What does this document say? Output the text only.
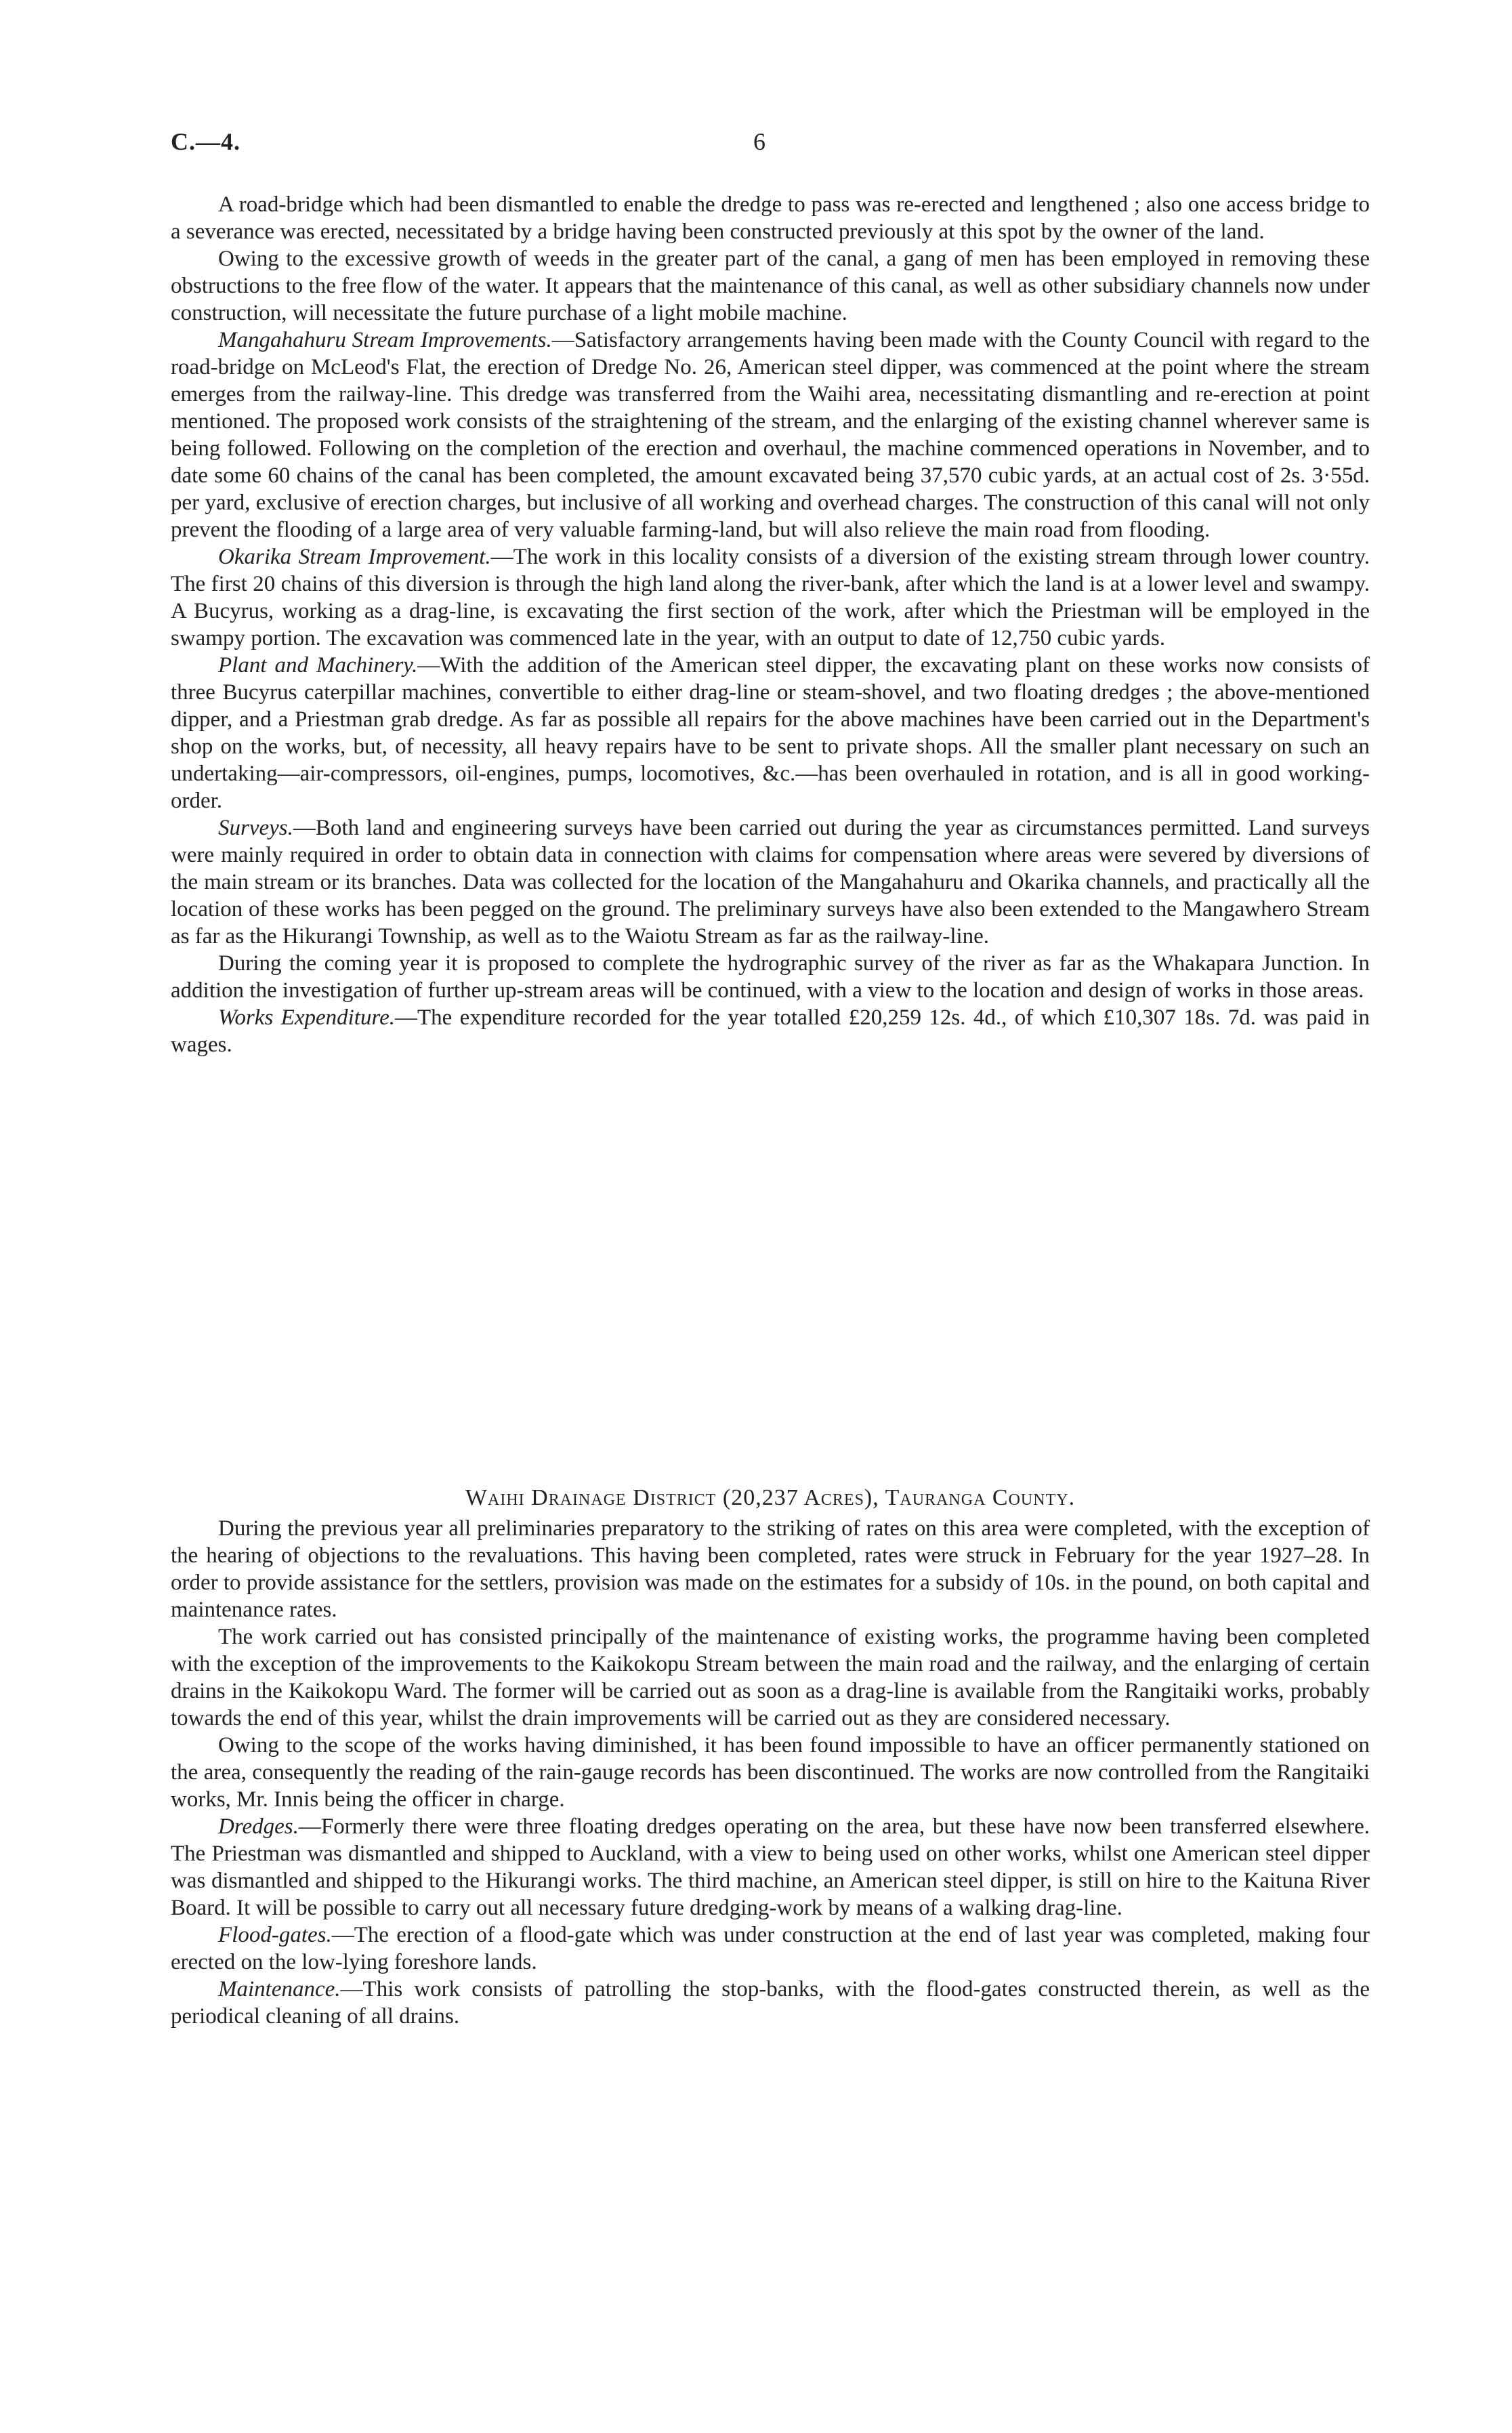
C.—4.	6

A road-bridge which had been dismantled to enable the dredge to pass was re-erected and lengthened ; also one access bridge to a severance was erected, necessitated by a bridge having been constructed previously at this spot by the owner of the land.

Owing to the excessive growth of weeds in the greater part of the canal, a gang of men has been employed in removing these obstructions to the free flow of the water. It appears that the maintenance of this canal, as well as other subsidiary channels now under construction, will necessitate the future purchase of a light mobile machine.

Mangahahuru Stream Improvements.—Satisfactory arrangements having been made with the County Council with regard to the road-bridge on McLeod's Flat, the erection of Dredge No. 26, American steel dipper, was commenced at the point where the stream emerges from the railway-line. This dredge was transferred from the Waihi area, necessitating dismantling and re-erection at point mentioned. The proposed work consists of the straightening of the stream, and the enlarging of the existing channel wherever same is being followed. Following on the completion of the erection and overhaul, the machine commenced operations in November, and to date some 60 chains of the canal has been completed, the amount excavated being 37,570 cubic yards, at an actual cost of 2s. 3·55d. per yard, exclusive of erection charges, but inclusive of all working and overhead charges. The construction of this canal will not only prevent the flooding of a large area of very valuable farming-land, but will also relieve the main road from flooding.

Okarika Stream Improvement.—The work in this locality consists of a diversion of the existing stream through lower country. The first 20 chains of this diversion is through the high land along the river-bank, after which the land is at a lower level and swampy. A Bucyrus, working as a drag-line, is excavating the first section of the work, after which the Priestman will be employed in the swampy portion. The excavation was commenced late in the year, with an output to date of 12,750 cubic yards.

Plant and Machinery.—With the addition of the American steel dipper, the excavating plant on these works now consists of three Bucyrus caterpillar machines, convertible to either drag-line or steam-shovel, and two floating dredges ; the above-mentioned dipper, and a Priestman grab dredge. As far as possible all repairs for the above machines have been carried out in the Department's shop on the works, but, of necessity, all heavy repairs have to be sent to private shops. All the smaller plant necessary on such an undertaking—air-compressors, oil-engines, pumps, locomotives, &c.—has been overhauled in rotation, and is all in good working-order.

Surveys.—Both land and engineering surveys have been carried out during the year as circumstances permitted. Land surveys were mainly required in order to obtain data in connection with claims for compensation where areas were severed by diversions of the main stream or its branches. Data was collected for the location of the Mangahahuru and Okarika channels, and practically all the location of these works has been pegged on the ground. The preliminary surveys have also been extended to the Mangawhero Stream as far as the Hikurangi Township, as well as to the Waiotu Stream as far as the railway-line.

During the coming year it is proposed to complete the hydrographic survey of the river as far as the Whakapara Junction. In addition the investigation of further up-stream areas will be continued, with a view to the location and design of works in those areas.

Works Expenditure.—The expenditure recorded for the year totalled £20,259 12s. 4d., of which £10,307 18s. 7d. was paid in wages.

Waihi Drainage District (20,237 Acres), Tauranga County.

During the previous year all preliminaries preparatory to the striking of rates on this area were completed, with the exception of the hearing of objections to the revaluations. This having been completed, rates were struck in February for the year 1927–28. In order to provide assistance for the settlers, provision was made on the estimates for a subsidy of 10s. in the pound, on both capital and maintenance rates.

The work carried out has consisted principally of the maintenance of existing works, the programme having been completed with the exception of the improvements to the Kaikokopu Stream between the main road and the railway, and the enlarging of certain drains in the Kaikokopu Ward. The former will be carried out as soon as a drag-line is available from the Rangitaiki works, probably towards the end of this year, whilst the drain improvements will be carried out as they are considered necessary.

Owing to the scope of the works having diminished, it has been found impossible to have an officer permanently stationed on the area, consequently the reading of the rain-gauge records has been discontinued. The works are now controlled from the Rangitaiki works, Mr. Innis being the officer in charge.

Dredges.—Formerly there were three floating dredges operating on the area, but these have now been transferred elsewhere. The Priestman was dismantled and shipped to Auckland, with a view to being used on other works, whilst one American steel dipper was dismantled and shipped to the Hikurangi works. The third machine, an American steel dipper, is still on hire to the Kaituna River Board. It will be possible to carry out all necessary future dredging-work by means of a walking drag-line.

Flood-gates.—The erection of a flood-gate which was under construction at the end of last year was completed, making four erected on the low-lying foreshore lands.

Maintenance.—This work consists of patrolling the stop-banks, with the flood-gates constructed therein, as well as the periodical cleaning of all drains.
